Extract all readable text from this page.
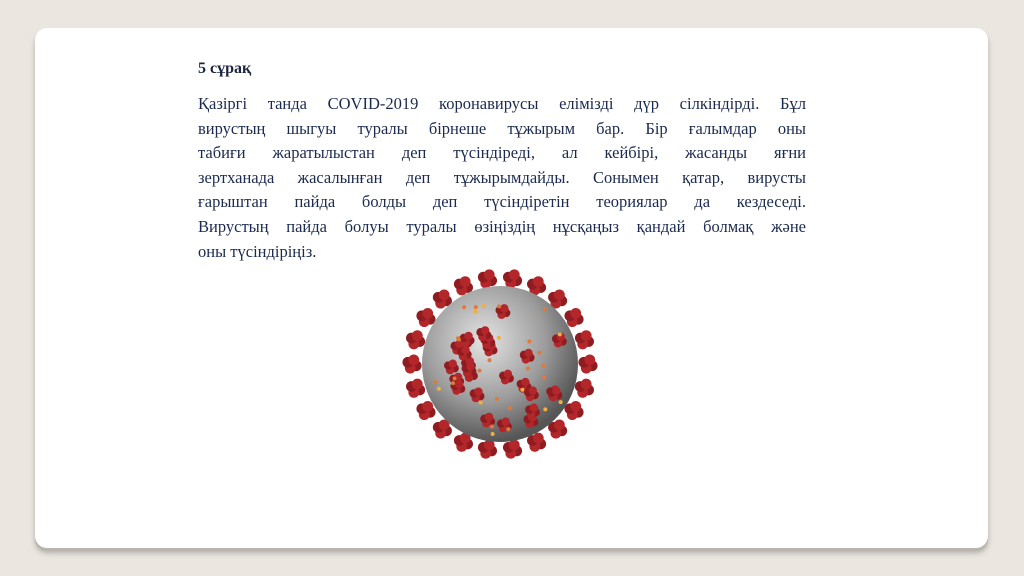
5 сұрақ
Қазіргі танда COVID-2019 коронавирусы елімізді дүр сілкіндірді. Бұл
вирустың шыгуы туралы бірнеше тұжырым бар. Бір ғалымдар оны
табиғи жаратылыстан деп түсіндіреді, ал кейбірі, жасанды яғни
зертханада жасалынған деп тұжырымдайды. Сонымен қатар, вирусты
ғарыштан пайда болды деп түсіндіретін теориялар да кездеседі.
Вирустың пайда болуы туралы өзіңіздің нұсқаңыз қандай болмақ және
оны түсіндіріңіз.
